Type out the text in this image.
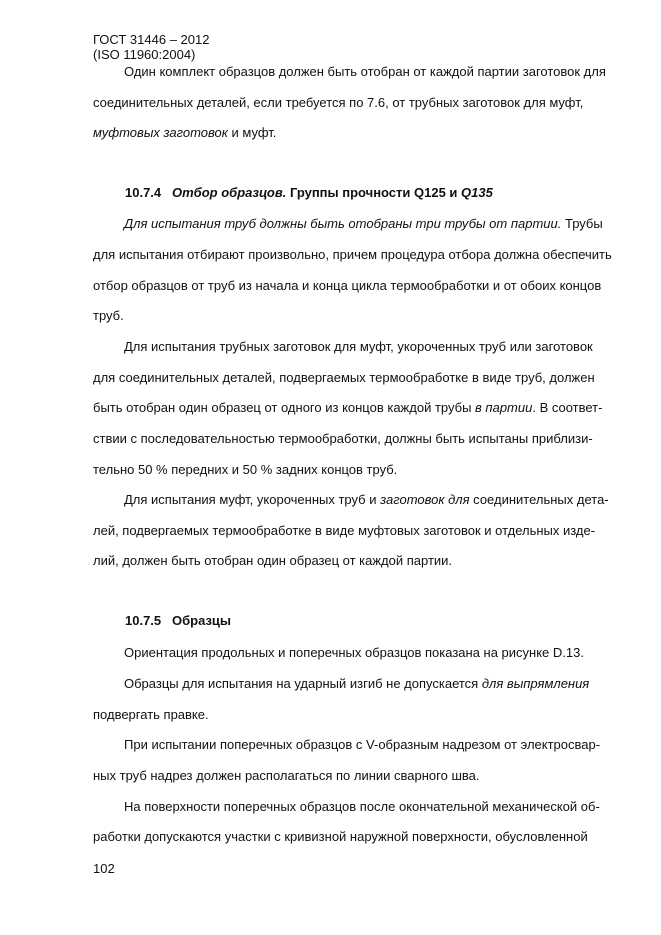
ГОСТ 31446 – 2012
(ISO 11960:2004)
Один комплект образцов должен быть отобран от каждой партии заготовок для
соединительных деталей, если требуется по 7.6, от трубных заготовок для муфт,
муфтовых заготовок и муфт.
10.7.4 Отбор образцов. Группы прочности Q125 и Q135
Для испытания труб должны быть отобраны три трубы от партии. Трубы
для испытания отбирают произвольно, причем процедура отбора должна обеспечить
отбор образцов от труб из начала и конца цикла термообработки и от обоих концов
труб.
Для испытания трубных заготовок для муфт, укороченных труб или заготовок
для соединительных деталей, подвергаемых термообработке в виде труб, должен
быть отобран один образец от одного из концов каждой трубы в партии. В соответ-
ствии с последовательностью термообработки, должны быть испытаны приблизи-
тельно 50 % передних и 50 % задних концов труб.
Для испытания муфт, укороченных труб и заготовок для соединительных дета-
лей, подвергаемых термообработке в виде муфтовых заготовок и отдельных изде-
лий, должен быть отобран один образец от каждой партии.
10.7.5 Образцы
Ориентация продольных и поперечных образцов показана на рисунке D.13.
Образцы для испытания на ударный изгиб не допускается для выпрямления
подвергать правке.
При испытании поперечных образцов с V-образным надрезом от электросвар-
ных труб надрез должен располагаться по линии сварного шва.
На поверхности поперечных образцов после окончательной механической об-
работки допускаются участки с кривизной наружной поверхности, обусловленной
102
